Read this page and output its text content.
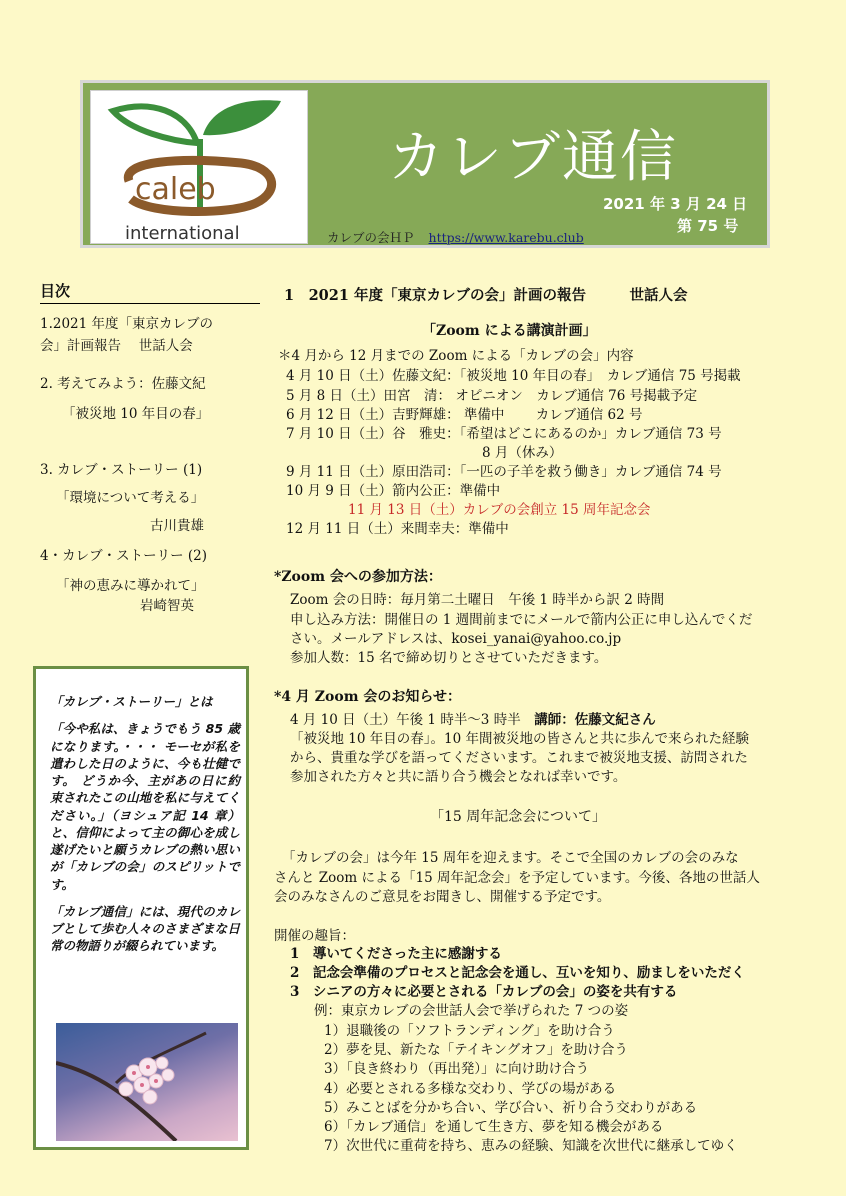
caleb
international
カレブ通信
2021 年 3 月 24 日
第 75 号
カレブの会ＨＰ https://www.karebu.club
目次
1.2021 年度「東京カレブの
会」計画報告　 世話人会
2. 考えてみよう：佐藤文紀
「被災地 10 年目の春」
3. カレブ・ストーリー (1)
「環境について考える」
古川貴雄
4・カレブ・ストーリー (2)
「神の恵みに導かれて」
岩崎智英

「カレブ・ストーリー」とは

「今や私は、きょうでもう 85 歳になります。・・・ モーセが私を遣わした日のように、今も壮健です。 どうか今、主があの日に約束されたこの山地を私に与えてください。」（ヨシュア記 14 章）と、信仰によって主の御心を成し遂げたいと願うカレブの熱い思いが「カレブの会」のスピリットです。

「カレブ通信」には、現代のカレブとして歩む人々のさまざまな日常の物語りが綴られています。

1　2021 年度「東京カレブの会」計画の報告　　　世話人会
「Zoom による講演計画」
＊4 月から 12 月までの Zoom による「カレブの会」内容
4 月 10 日（土）佐藤文紀：「被災地 10 年目の春」　カレブ通信 75 号掲載
5 月 8 日（土）田宮　清： オピニオン　カレブ通信 76 号掲載予定
6 月 12 日（土）吉野輝雄： 準備中　　 カレブ通信 62 号
7 月 10 日（土）谷　雅史：「希望はどこにあるのか」カレブ通信 73 号
8 月（休み）
9 月 11 日（土）原田浩司：「一匹の子羊を救う働き」カレブ通信 74 号
10 月 9 日（土）箭内公正：準備中
11 月 13 日（土）カレブの会創立 15 周年記念会
12 月 11 日（土）来間幸夫：準備中
*Zoom 会への参加方法：
Zoom 会の日時：毎月第二土曜日　午後 1 時半から訳 2 時間
申し込み方法：開催日の 1 週間前までにメールで箭内公正に申し込んでくだ
さい。メールアドレスは、kosei_yanai@yahoo.co.jp
参加人数：15 名で締め切りとさせていただきます。
*4 月 Zoom 会のお知らせ：
4 月 10 日（土）午後 1 時半～3 時半　講師：佐藤文紀さん
「被災地 10 年目の春」。10 年間被災地の皆さんと共に歩んで来られた経験
から、貴重な学びを語ってくださいます。これまで被災地支援、訪問された
参加された方々と共に語り合う機会となれば幸いです。
「15 周年記念会について」
「カレブの会」は今年 15 周年を迎えます。そこで全国のカレブの会のみな
さんと Zoom による「15 周年記念会」を予定しています。今後、各地の世話人
会のみなさんのご意見をお聞きし、開催する予定です。
開催の趣旨：
1　導いてくださった主に感謝する
2　記念会準備のプロセスと記念会を通し、互いを知り、励ましをいただく
3　シニアの方々に必要とされる「カレブの会」の姿を共有する
例：東京カレブの会世話人会で挙げられた 7 つの姿
1）退職後の「ソフトランディング」を助け合う
2）夢を見、新たな「テイキングオフ」を助け合う
3）「良き終わり（再出発）」に向け助け合う
4）必要とされる多様な交わり、学びの場がある
5）みことばを分かち合い、学び合い、祈り合う交わりがある
6）「カレブ通信」を通して生き方、夢を知る機会がある
7）次世代に重荷を持ち、恵みの経験、知識を次世代に継承してゆく
